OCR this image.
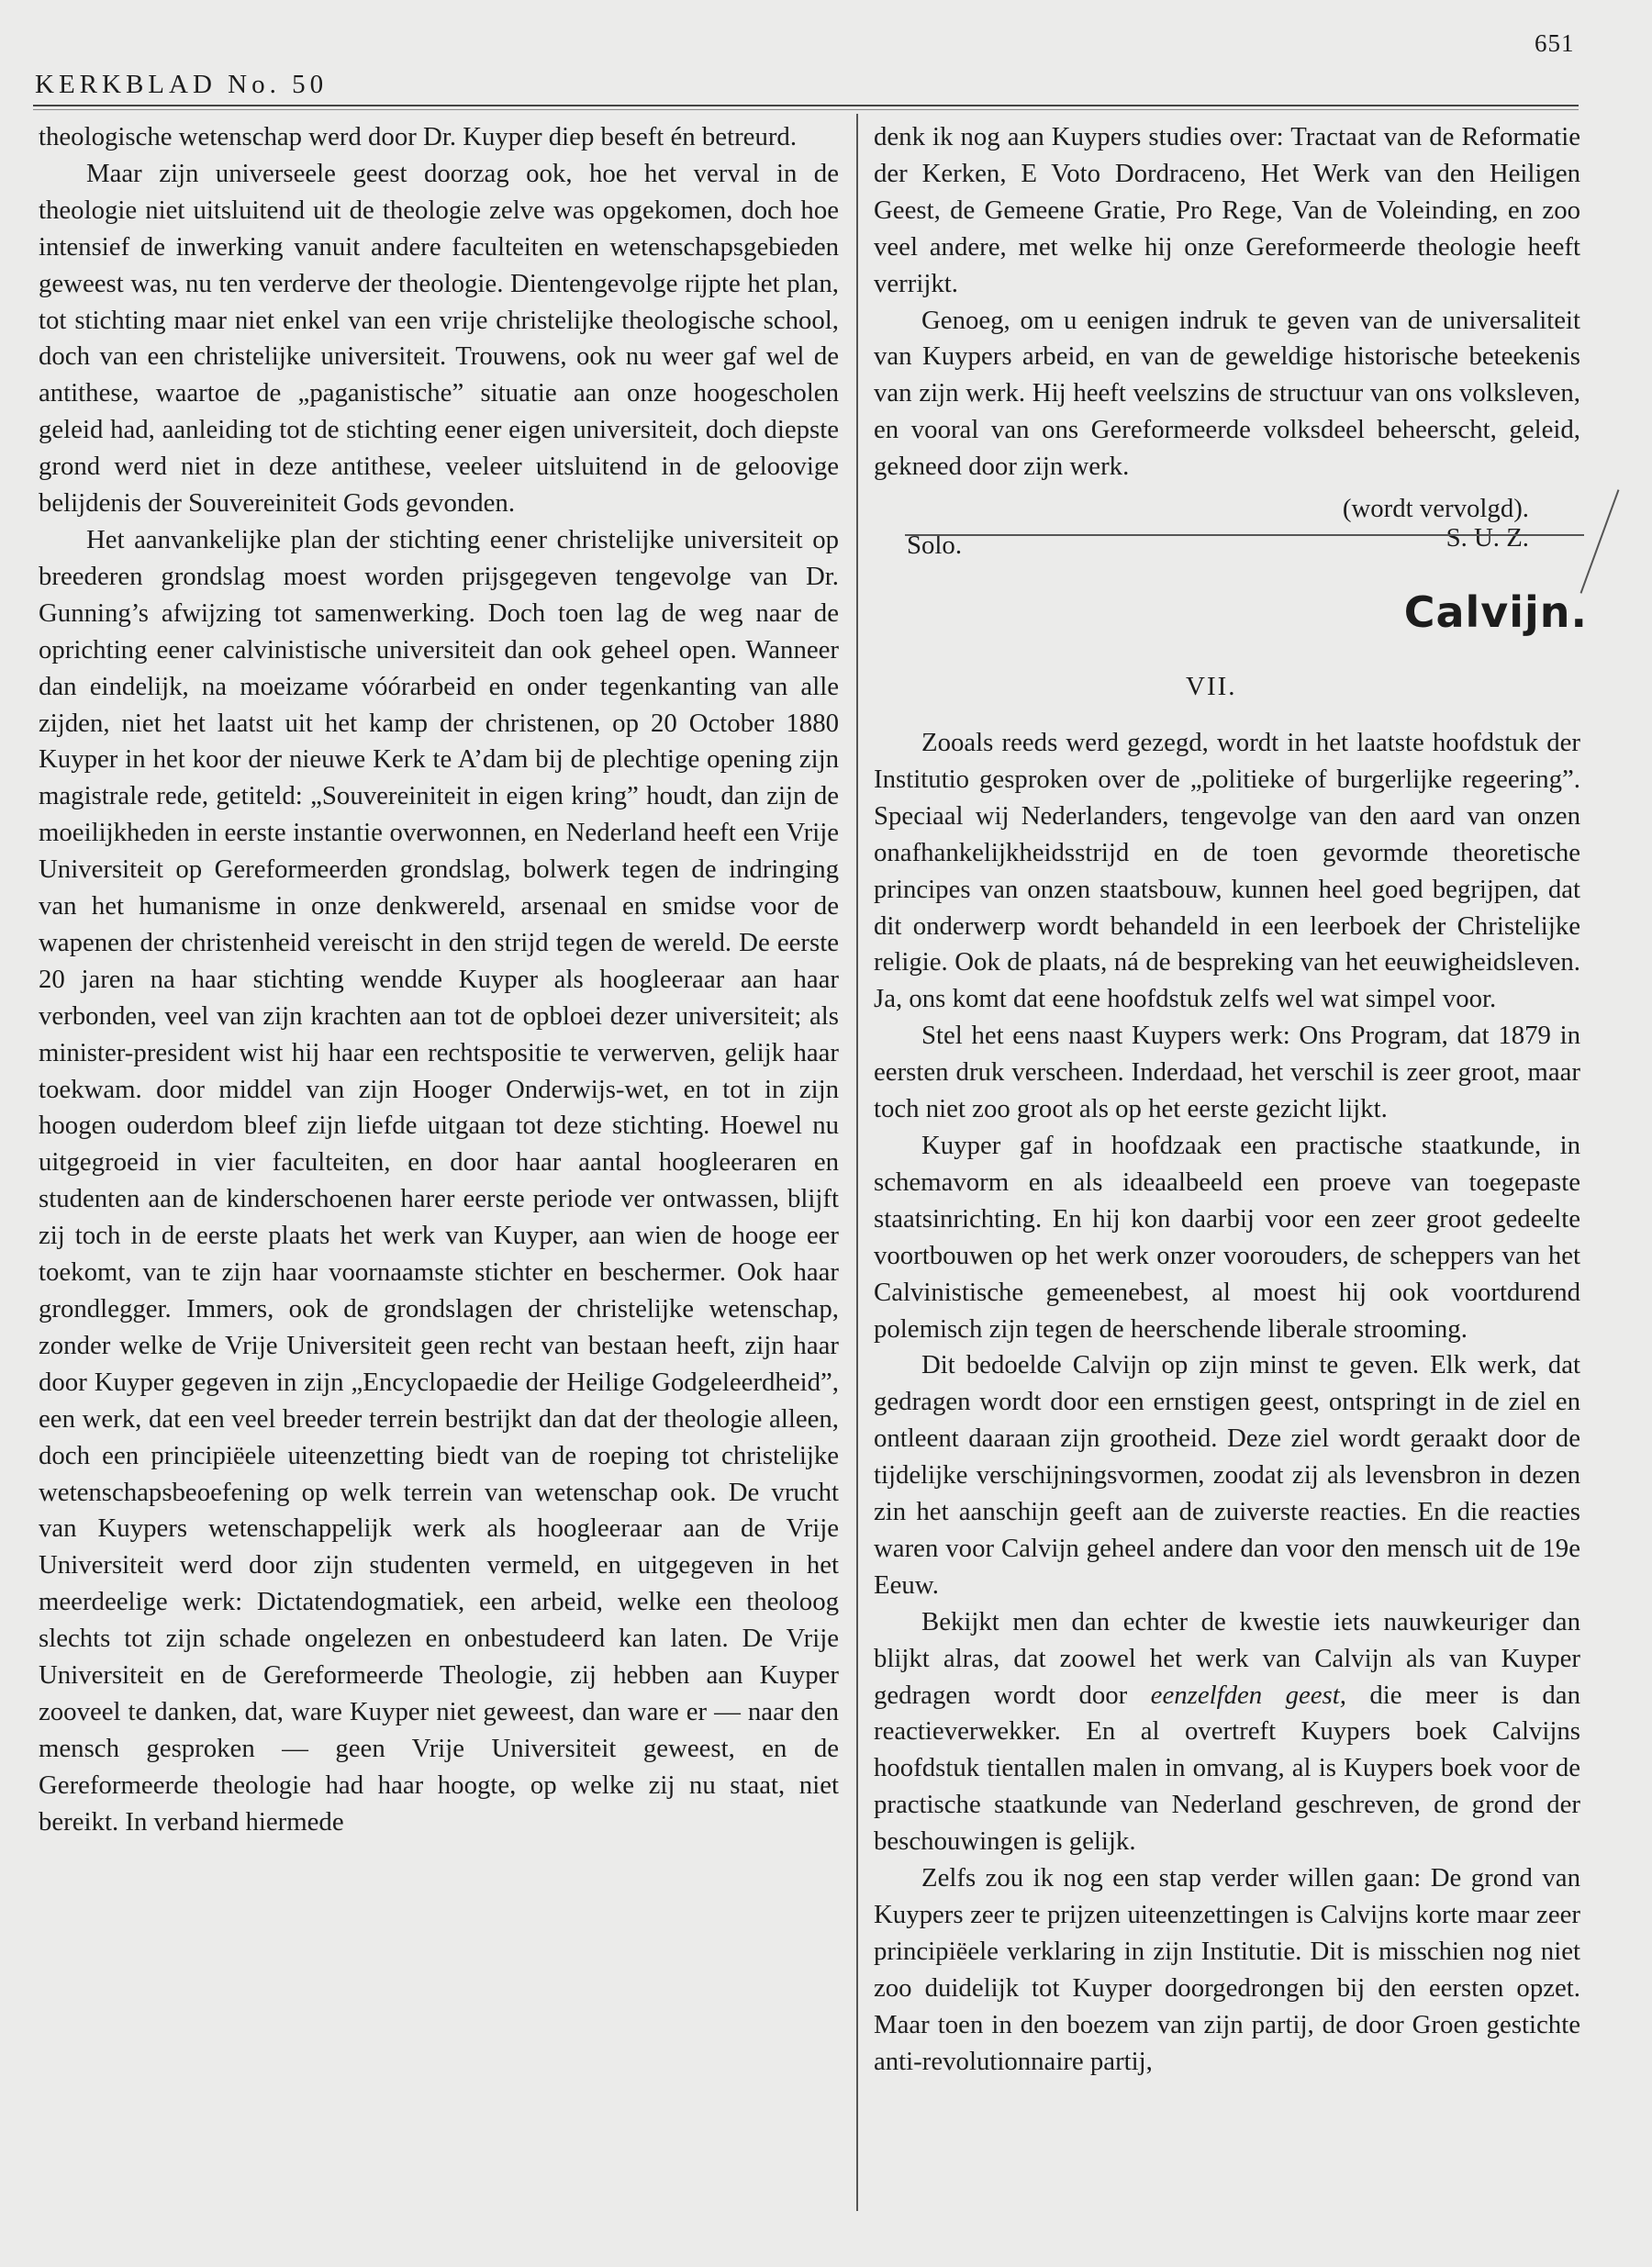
651
KERKBLAD No. 50

theologische wetenschap werd door Dr. Kuyper diep beseft én betreurd.

Maar zijn universeele geest doorzag ook, hoe het verval in de theologie niet uitsluitend uit de theologie zelve was opgekomen, doch hoe intensief de inwerking vanuit andere faculteiten en wetenschapsgebieden geweest was, nu ten verderve der theologie. Dientengevolge rijpte het plan, tot stichting maar niet enkel van een vrije christelijke theologische school, doch van een christelijke universiteit. Trouwens, ook nu weer gaf wel de antithese, waartoe de „paganistische” situatie aan onze hoogescholen geleid had, aanleiding tot de stichting eener eigen universiteit, doch diepste grond werd niet in deze antithese, veeleer uitsluitend in de geloovige belijdenis der Souvereiniteit Gods gevonden.

Het aanvankelijke plan der stichting eener christelijke universiteit op breederen grondslag moest worden prijsgegeven tengevolge van Dr. Gunning’s afwijzing tot samenwerking. Doch toen lag de weg naar de oprichting eener calvinistische universiteit dan ook geheel open. Wanneer dan eindelijk, na moeizame vóórarbeid en onder tegenkanting van alle zijden, niet het laatst uit het kamp der christenen, op 20 October 1880 Kuyper in het koor der nieuwe Kerk te A’dam bij de plechtige opening zijn magistrale rede, getiteld: „Souvereiniteit in eigen kring” houdt, dan zijn de moeilijkheden in eerste instantie overwonnen, en Nederland heeft een Vrije Universiteit op Gereformeerden grondslag, bolwerk tegen de indringing van het humanisme in onze denkwereld, arsenaal en smidse voor de wapenen der christenheid vereischt in den strijd tegen de wereld. De eerste 20 jaren na haar stichting wendde Kuyper als hoogleeraar aan haar verbonden, veel van zijn krachten aan tot de opbloei dezer universiteit; als minister-president wist hij haar een rechtspositie te verwerven, gelijk haar toekwam. door middel van zijn Hooger Onderwijs-wet, en tot in zijn hoogen ouderdom bleef zijn liefde uitgaan tot deze stichting. Hoewel nu uitgegroeid in vier faculteiten, en door haar aantal hoogleeraren en studenten aan de kinderschoenen harer eerste periode ver ontwassen, blijft zij toch in de eerste plaats het werk van Kuyper, aan wien de hooge eer toekomt, van te zijn haar voornaamste stichter en beschermer. Ook haar grondlegger. Immers, ook de grondslagen der christelijke wetenschap, zonder welke de Vrije Universiteit geen recht van bestaan heeft, zijn haar door Kuyper gegeven in zijn „Encyclopaedie der Heilige Godgeleerdheid”, een werk, dat een veel breeder terrein bestrijkt dan dat der theologie alleen, doch een principiëele uiteenzetting biedt van de roeping tot christelijke wetenschapsbeoefening op welk terrein van wetenschap ook. De vrucht van Kuypers wetenschappelijk werk als hoogleeraar aan de Vrije Universiteit werd door zijn studenten vermeld, en uitgegeven in het meerdeelige werk: Dictatendogmatiek, een arbeid, welke een theoloog slechts tot zijn schade ongelezen en onbestudeerd kan laten. De Vrije Universiteit en de Gereformeerde Theologie, zij hebben aan Kuyper zooveel te danken, dat, ware Kuyper niet geweest, dan ware er — naar den mensch gesproken — geen Vrije Universiteit geweest, en de Gereformeerde theologie had haar hoogte, op welke zij nu staat, niet bereikt. In verband hiermede

denk ik nog aan Kuypers studies over: Tractaat van de Reformatie der Kerken, E Voto Dordraceno, Het Werk van den Heiligen Geest, de Gemeene Gratie, Pro Rege, Van de Voleinding, en zoo veel andere, met welke hij onze Gereformeerde theologie heeft verrijkt.

Genoeg, om u eenigen indruk te geven van de universaliteit van Kuypers arbeid, en van de geweldige historische beteekenis van zijn werk. Hij heeft veelszins de structuur van ons volksleven, en vooral van ons Gereformeerde volksdeel beheerscht, geleid, gekneed door zijn werk.

(wordt vervolgd).
Solo.	S. U. Z.
Calvijn.
VII.

Zooals reeds werd gezegd, wordt in het laatste hoofdstuk der Institutio gesproken over de „politieke of burgerlijke regeering”. Speciaal wij Nederlanders, tengevolge van den aard van onzen onafhankelijkheidsstrijd en de toen gevormde theoretische principes van onzen staatsbouw, kunnen heel goed begrijpen, dat dit onderwerp wordt behandeld in een leerboek der Christelijke religie. Ook de plaats, ná de bespreking van het eeuwigheidsleven. Ja, ons komt dat eene hoofdstuk zelfs wel wat simpel voor.

Stel het eens naast Kuypers werk: Ons Program, dat 1879 in eersten druk verscheen. Inderdaad, het verschil is zeer groot, maar toch niet zoo groot als op het eerste gezicht lijkt.

Kuyper gaf in hoofdzaak een practische staatkunde, in schemavorm en als ideaalbeeld een proeve van toegepaste staatsinrichting. En hij kon daarbij voor een zeer groot gedeelte voortbouwen op het werk onzer voorouders, de scheppers van het Calvinistische gemeenebest, al moest hij ook voortdurend polemisch zijn tegen de heerschende liberale strooming.

Dit bedoelde Calvijn op zijn minst te geven. Elk werk, dat gedragen wordt door een ernstigen geest, ontspringt in de ziel en ontleent daaraan zijn grootheid. Deze ziel wordt geraakt door de tijdelijke verschijningsvormen, zoodat zij als levensbron in dezen zin het aanschijn geeft aan de zuiverste reacties. En die reacties waren voor Calvijn geheel andere dan voor den mensch uit de 19e Eeuw.

Bekijkt men dan echter de kwestie iets nauwkeuriger dan blijkt alras, dat zoowel het werk van Calvijn als van Kuyper gedragen wordt door eenzelfden geest, die meer is dan reactieverwekker. En al overtreft Kuypers boek Calvijns hoofdstuk tientallen malen in omvang, al is Kuypers boek voor de practische staatkunde van Nederland geschreven, de grond der beschouwingen is gelijk.

Zelfs zou ik nog een stap verder willen gaan: De grond van Kuypers zeer te prijzen uiteenzettingen is Calvijns korte maar zeer principiëele verklaring in zijn Institutie. Dit is misschien nog niet zoo duidelijk tot Kuyper doorgedrongen bij den eersten opzet. Maar toen in den boezem van zijn partij, de door Groen gestichte anti-revolutionnaire partij,
